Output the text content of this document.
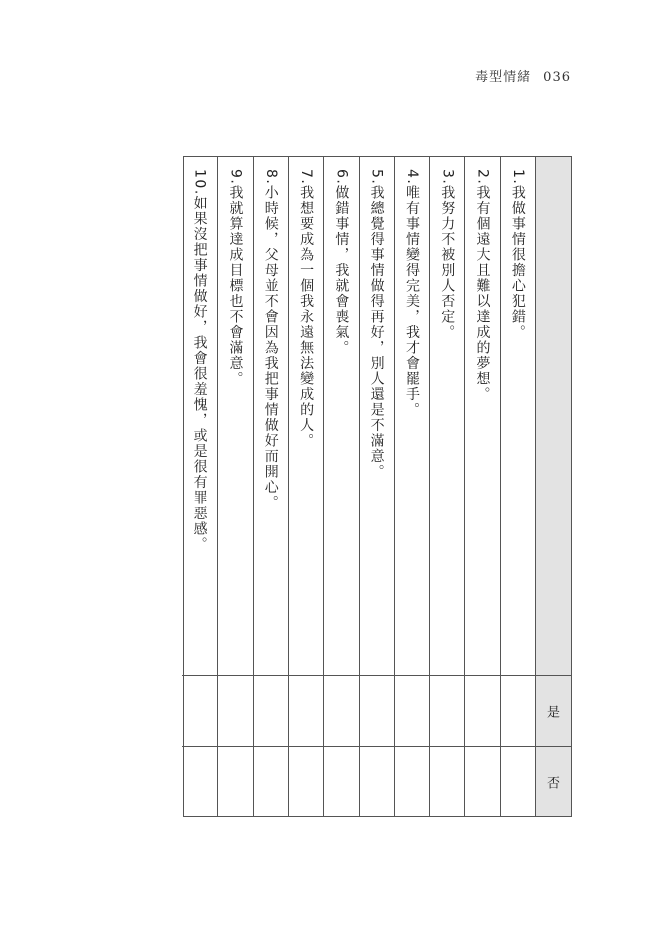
毒型情緒 036
是
否
1.我做事情很擔心犯錯。
2.我有個遠大且難以達成的夢想。
3.我努力不被別人否定。
4.唯有事情變得完美，我才會罷手。
5.我總覺得事情做得再好，別人還是不滿意。
6.做錯事情，我就會喪氣。
7.我想要成為一個我永遠無法變成的人。
8.小時候，父母並不會因為我把事情做好而開心。
9.我就算達成目標也不會滿意。
10.如果沒把事情做好，我會很羞愧，或是很有罪惡感。
